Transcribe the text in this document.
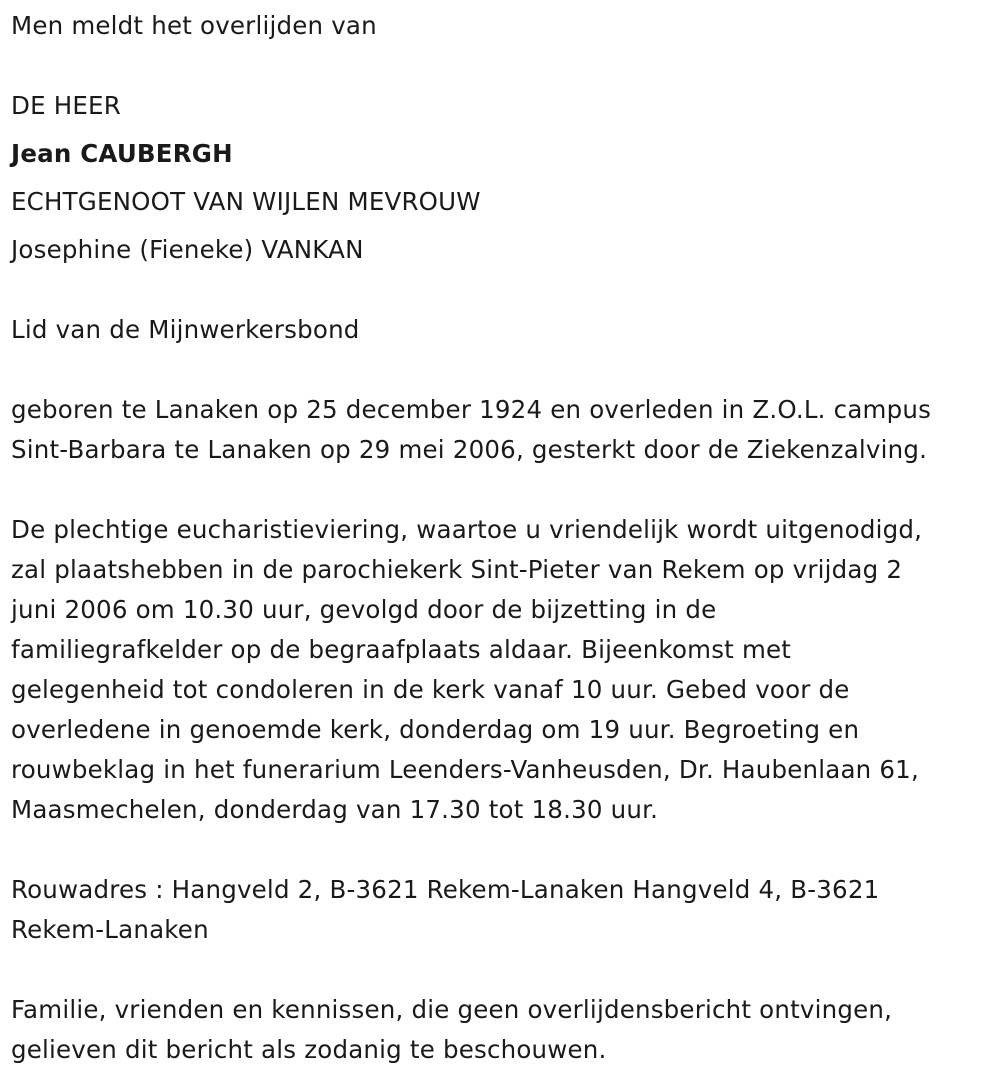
Men meldt het overlijden van
DE HEER
Jean CAUBERGH
ECHTGENOOT VAN WIJLEN MEVROUW
Josephine (Fieneke) VANKAN
Lid van de Mijnwerkersbond
geboren te Lanaken op 25 december 1924 en overleden in Z.O.L. campus
Sint-Barbara te Lanaken op 29 mei 2006, gesterkt door de Ziekenzalving.
De plechtige eucharistieviering, waartoe u vriendelijk wordt uitgenodigd,
zal plaatshebben in de parochiekerk Sint-Pieter van Rekem op vrijdag 2
juni 2006 om 10.30 uur, gevolgd door de bijzetting in de
familiegrafkelder op de begraafplaats aldaar. Bijeenkomst met
gelegenheid tot condoleren in de kerk vanaf 10 uur. Gebed voor de
overledene in genoemde kerk, donderdag om 19 uur. Begroeting en
rouwbeklag in het funerarium Leenders-Vanheusden, Dr. Haubenlaan 61,
Maasmechelen, donderdag van 17.30 tot 18.30 uur.
Rouwadres : Hangveld 2, B-3621 Rekem-Lanaken Hangveld 4, B-3621
Rekem-Lanaken
Familie, vrienden en kennissen, die geen overlijdensbericht ontvingen,
gelieven dit bericht als zodanig te beschouwen.
